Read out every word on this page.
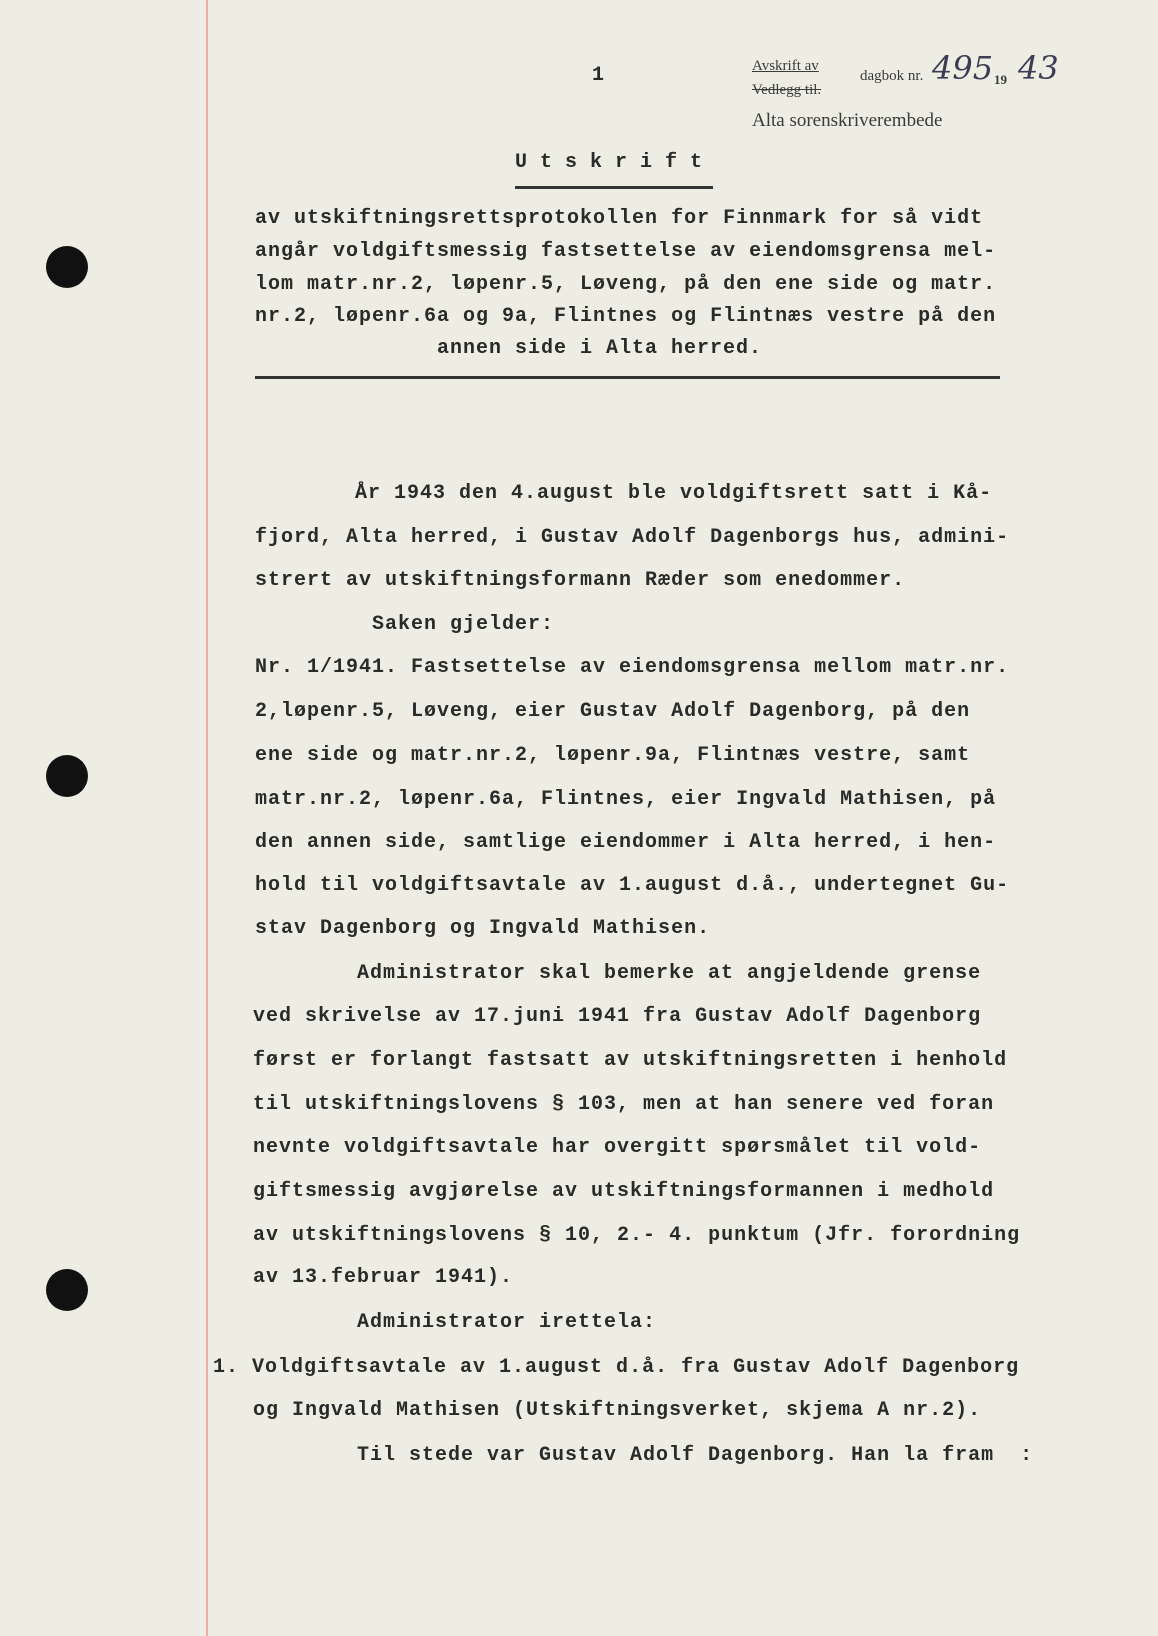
1	Avskrift av
Vedlegg til.
dagbok nr. 495 19 43
Alta sorenskriverembede
Utskrift
av utskiftningsrettsprotokollen for Finnmark for så vidt
angår voldgiftsmessig fastsettelse av eiendomsgrensa mel-
lom matr.nr.2, løpenr.5, Løveng, på den ene side og matr.
nr.2, løpenr.6a og 9a, Flintnes og Flintnæs vestre på den
annen side i Alta herred.
År 1943 den 4.august ble voldgiftsrett satt i Kå-
fjord, Alta herred, i Gustav Adolf Dagenborgs hus, admini-
strert av utskiftningsformann Ræder som enedommer.
Saken gjelder:
Nr. 1/1941. Fastsettelse av eiendomsgrensa mellom matr.nr.
2,løpenr.5, Løveng, eier Gustav Adolf Dagenborg, på den
ene side og matr.nr.2, løpenr.9a, Flintnæs vestre, samt
matr.nr.2, løpenr.6a, Flintnes, eier Ingvald Mathisen, på
den annen side, samtlige eiendommer i Alta herred, i hen-
hold til voldgiftsavtale av 1.august d.å., undertegnet Gu-
stav Dagenborg og Ingvald Mathisen.
Administrator skal bemerke at angjeldende grense
ved skrivelse av 17.juni 1941 fra Gustav Adolf Dagenborg
først er forlangt fastsatt av utskiftningsretten i henhold
til utskiftningslovens § 103, men at han senere ved foran
nevnte voldgiftsavtale har overgitt spørsmålet til vold-
giftsmessig avgjørelse av utskiftningsformannen i medhold
av utskiftningslovens § 10, 2.- 4. punktum (Jfr. forordning
av 13.februar 1941).
Administrator irettela:
1. Voldgiftsavtale av 1.august d.å. fra Gustav Adolf Dagenborg
og Ingvald Mathisen (Utskiftningsverket, skjema A nr.2).
Til stede var Gustav Adolf Dagenborg. Han la fram  :
